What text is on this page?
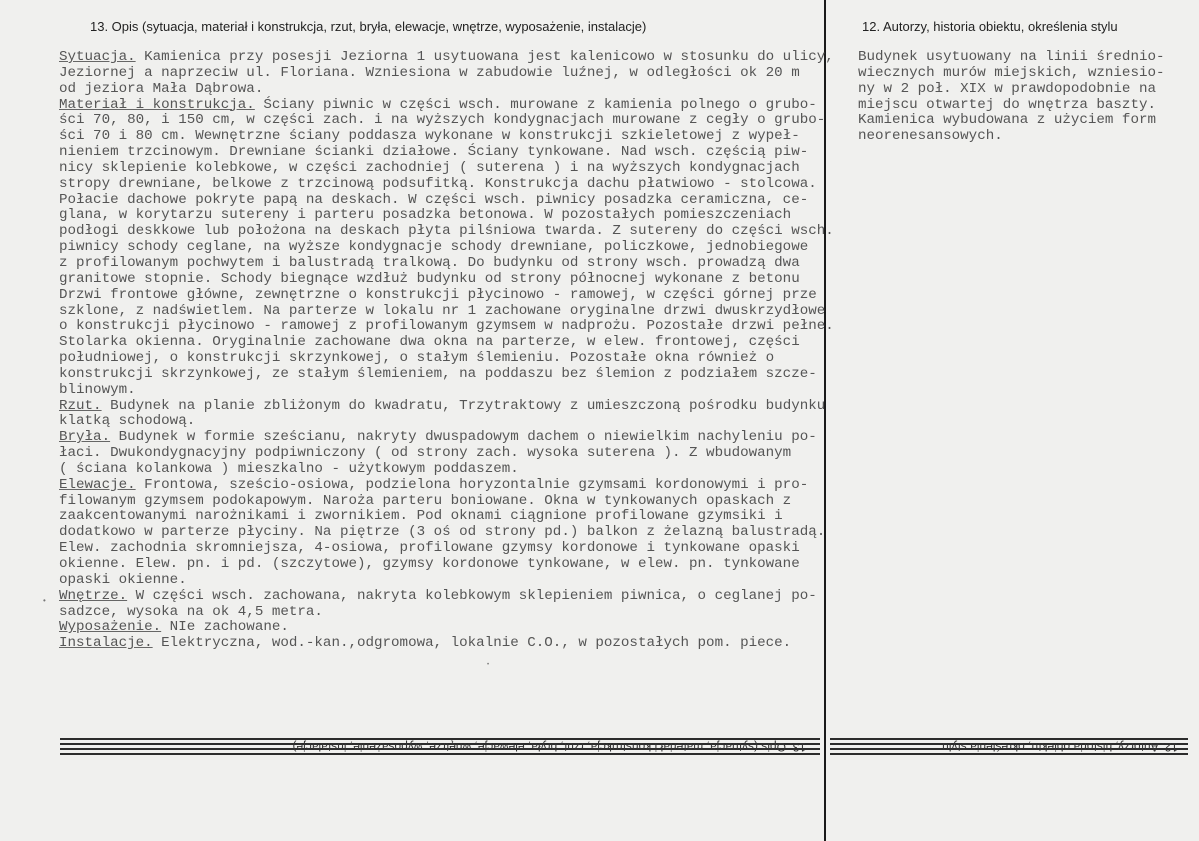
13. Opis (sytuacja, materiał i konstrukcja, rzut, bryła, elewacje, wnętrze, wyposażenie, instalacje)	12. Autorzy, historia obiektu, określenia stylu
Sytuacja. Kamienica przy posesji Jeziorna 1 usytuowana jest kalenicowo w stosunku do ulicy,
Jeziornej a naprzeciw ul. Floriana. Wzniesiona w zabudowie luźnej, w odległości ok 20 m
od jeziora Mała Dąbrowa.
Materiał i konstrukcja. Ściany piwnic w części wsch. murowane z kamienia polnego o grubo-
ści 70, 80, i 150 cm, w części zach. i na wyższych kondygnacjach murowane z cegły o grubo-
ści 70 i 80 cm. Wewnętrzne ściany poddasza wykonane w konstrukcji szkieletowej z wypeł-
nieniem trzcinowym. Drewniane ścianki działowe. Ściany tynkowane. Nad wsch. częścią piw-
nicy sklepienie kolebkowe, w części zachodniej ( suterena ) i na wyższych kondygnacjach
stropy drewniane, belkowe z trzcinową podsufitką. Konstrukcja dachu płatwiowo - stolcowa.
Połacie dachowe pokryte papą na deskach. W części wsch. piwnicy posadzka ceramiczna, ce-
glana, w korytarzu sutereny i parteru posadzka betonowa. W pozostałych pomieszczeniach
podłogi deskkowe lub położona na deskach płyta pilśniowa twarda. Z sutereny do części wsch.
piwnicy schody ceglane, na wyższe kondygnacje schody drewniane, policzkowe, jednobiegowe
z profilowanym pochwytem i balustradą tralkową. Do budynku od strony wsch. prowadzą dwa
granitowe stopnie. Schody biegnące wzdłuż budynku od strony północnej wykonane z betonu
Drzwi frontowe główne, zewnętrzne o konstrukcji płycinowo - ramowej, w części górnej prze
szklone, z nadświetlem. Na parterze w lokalu nr 1 zachowane oryginalne drzwi dwuskrzydłowe
o konstrukcji płycinowo - ramowej z profilowanym gzymsem w nadprożu. Pozostałe drzwi pełne.
Stolarka okienna. Oryginalnie zachowane dwa okna na parterze, w elew. frontowej, części
południowej, o konstrukcji skrzynkowej, o stałym ślemieniu. Pozostałe okna również o
konstrukcji skrzynkowej, ze stałym ślemieniem, na poddaszu bez ślemion z podziałem szcze-
blinowym.
Rzut. Budynek na planie zbliżonym do kwadratu, Trzytraktowy z umieszczoną pośrodku budynku
klatką schodową.
Bryła. Budynek w formie sześcianu, nakryty dwuspadowym dachem o niewielkim nachyleniu po-
łaci. Dwukondygnacyjny podpiwniczony ( od strony zach. wysoka suterena ). Z wbudowanym
( ściana kolankowa ) mieszkalno - użytkowym poddaszem.
Elewacje. Frontowa, sześcio-osiowa, podzielona horyzontalnie gzymsami kordonowymi i pro-
filowanym gzymsem podokapowym. Naroża parteru boniowane. Okna w tynkowanych opaskach z
zaakcentowanymi narożnikami i zwornikiem. Pod oknami ciągnione profilowane gzymsiki i
dodatkowo w parterze płyciny. Na piętrze (3 oś od strony pd.) balkon z żelazną balustradą.
Elew. zachodnia skromniejsza, 4-osiowa, profilowane gzymsy kordonowe i tynkowane opaski
okienne. Elew. pn. i pd. (szczytowe), gzymsy kordonowe tynkowane, w elew. pn. tynkowane
opaski okienne.
Wnętrze. W części wsch. zachowana, nakryta kolebkowym sklepieniem piwnica, o ceglanej po-
sadzce, wysoka na ok 4,5 metra.
Wyposażenie. NIe zachowane.
Instalacje. Elektryczna, wod.-kan.,odgromowa, lokalnie C.O., w pozostałych pom. piece.
Budynek usytuowany na linii średnio-
wiecznych murów miejskich, wzniesio-
ny w 2 poł. XIX w prawdopodobnie na
miejscu otwartej do wnętrza baszty.
Kamienica wybudowana z użyciem form
neorenesansowych.
13. Opis (sytuacja, materiał i konstrukcja, rzut, bryła, elewacje, wnętrze, wyposażenie, instalacje)	12. Autorzy, historia obiektu, określenia stylu
•
•
